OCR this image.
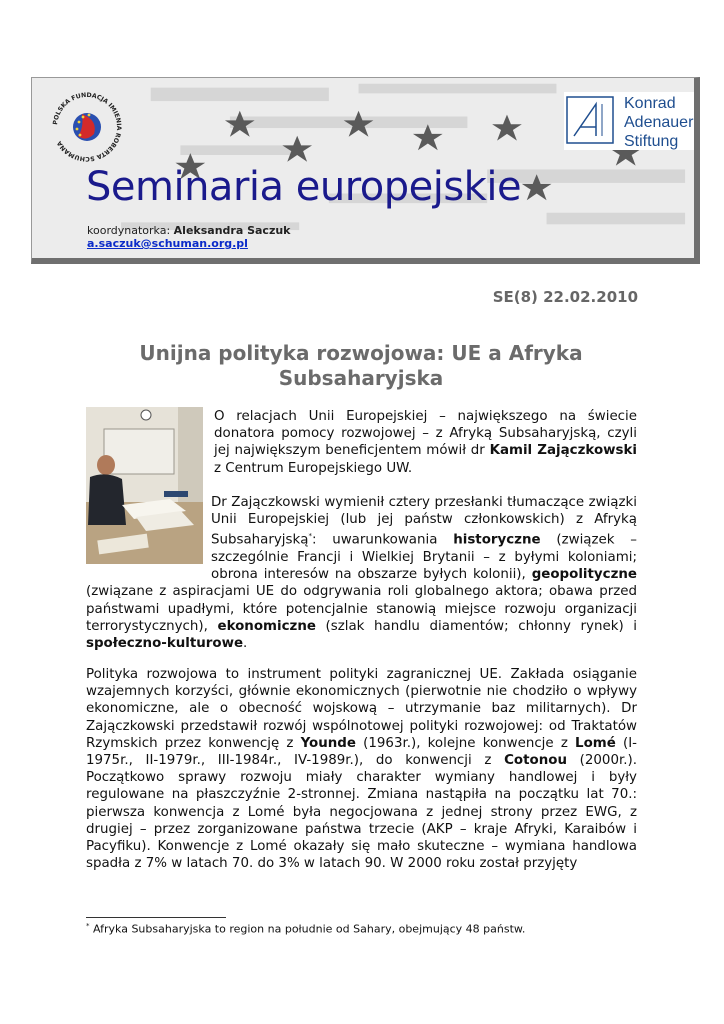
POLSKA FUNDACJA IMIENIA ROBERTA SCHUMANA
Konrad
Adenauer
Stiftung
Seminaria europejskie
koordynatorka: Aleksandra Saczuk
a.saczuk@schuman.org.pl
SE(8) 22.02.2010
Unijna polityka rozwojowa: UE a Afryka Subsaharyjska

O relacjach Unii Europejskiej – największego na świecie donatora pomocy rozwojowej – z Afryką Subsaharyjską, czyli jej największym beneficjentem mówił dr Kamil Zajączkowski z Centrum Europejskiego UW.

Dr Zajączkowski wymienił cztery przesłanki tłumaczące związki Unii Europejskiej (lub jej państw członkowskich) z Afryką Subsaharyjską*: uwarunkowania historyczne (związek – szczególnie Francji i Wielkiej Brytanii – z byłymi koloniami; obrona interesów na obszarze byłych kolonii), geopolityczne (związane z aspiracjami UE do odgrywania roli globalnego aktora; obawa przed państwami upadłymi, które potencjalnie stanowią miejsce rozwoju organizacji terrorystycznych), ekonomiczne (szlak handlu diamentów; chłonny rynek) i społeczno-kulturowe.

Polityka rozwojowa to instrument polityki zagranicznej UE. Zakłada osiąganie wzajemnych korzyści, głównie ekonomicznych (pierwotnie nie chodziło o wpływy ekonomiczne, ale o obecność wojskową – utrzymanie baz militarnych). Dr Zajączkowski przedstawił rozwój wspólnotowej polityki rozwojowej: od Traktatów Rzymskich przez konwencję z Younde (1963r.), kolejne konwencje z Lomé (I-1975r., II-1979r., III-1984r., IV-1989r.), do konwencji z Cotonou (2000r.). Początkowo sprawy rozwoju miały charakter wymiany handlowej i były regulowane na płaszczyźnie 2-stronnej. Zmiana nastąpiła na początku lat 70.: pierwsza konwencja z Lomé była negocjowana z jednej strony przez EWG, z drugiej – przez zorganizowane państwa trzecie (AKP – kraje Afryki, Karaibów i Pacyfiku). Konwencje z Lomé okazały się mało skuteczne – wymiana handlowa spadła z 7% w latach 70. do 3% w latach 90. W 2000 roku został przyjęty

* Afryka Subsaharyjska to region na południe od Sahary, obejmujący 48 państw.
